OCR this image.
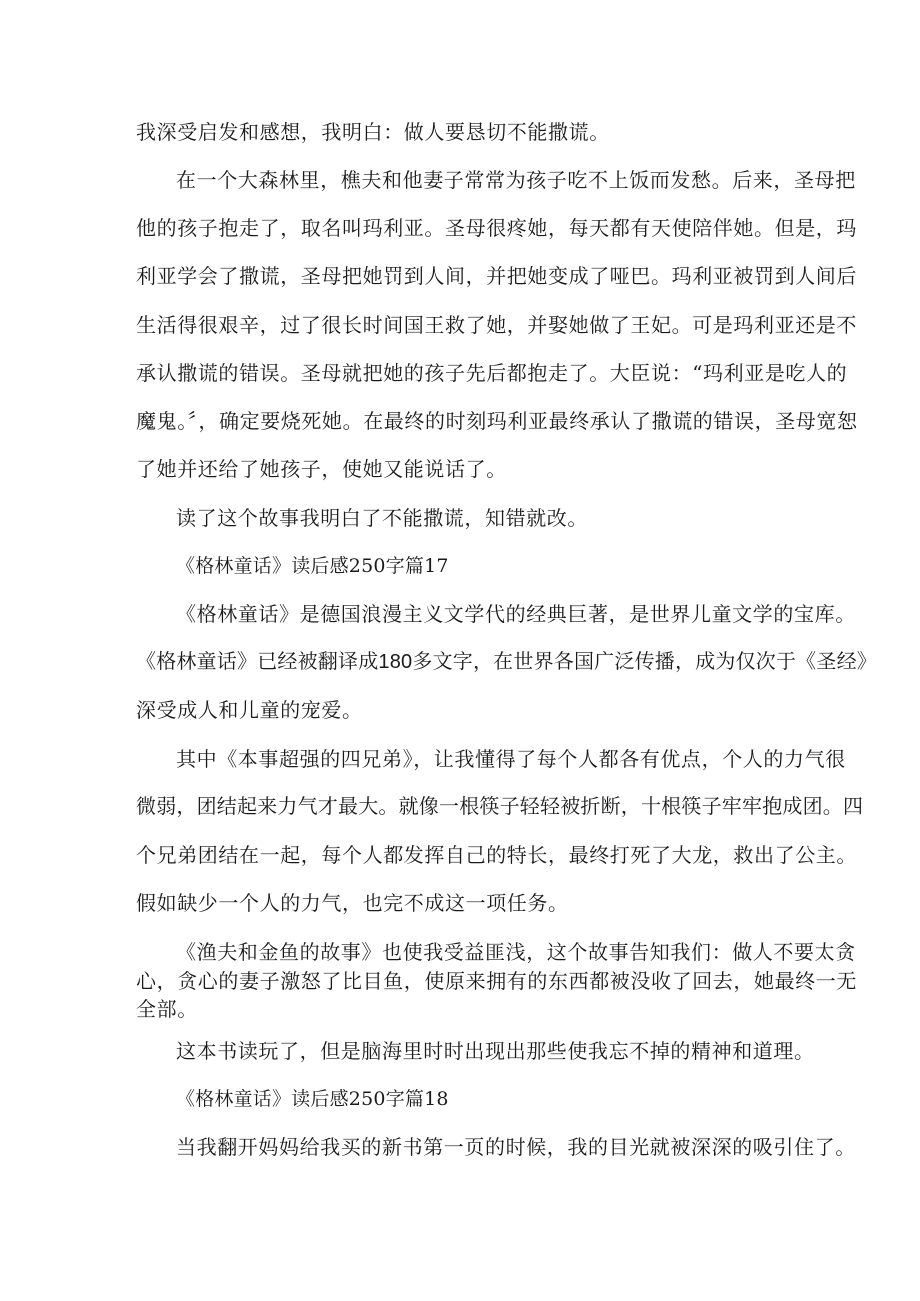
我深受启发和感想，我明白：做人要恳切不能撒谎。
在一个大森林里，樵夫和他妻子常常为孩子吃不上饭而发愁。后来，圣母把
他的孩子抱走了，取名叫玛利亚。圣母很疼她，每天都有天使陪伴她。但是，玛
利亚学会了撒谎，圣母把她罚到人间，并把她变成了哑巴。玛利亚被罚到人间后
生活得很艰辛，过了很长时间国王救了她，并娶她做了王妃。可是玛利亚还是不
承认撒谎的错误。圣母就把她的孩子先后都抱走了。大臣说：“玛利亚是吃人的
魔鬼。〞，确定要烧死她。在最终的时刻玛利亚最终承认了撒谎的错误，圣母宽恕
了她并还给了她孩子，使她又能说话了。
读了这个故事我明白了不能撒谎，知错就改。
《格林童话》读后感250字篇17
《格林童话》是德国浪漫主义文学代的经典巨著，是世界儿童文学的宝库。
《格林童话》已经被翻译成180多文字，在世界各国广泛传播，成为仅次于《圣经》
深受成人和儿童的宠爱。
其中《本事超强的四兄弟》，让我懂得了每个人都各有优点，个人的力气很
微弱，团结起来力气才最大。就像一根筷子轻轻被折断，十根筷子牢牢抱成团。四
个兄弟团结在一起，每个人都发挥自己的特长，最终打死了大龙，救出了公主。
假如缺少一个人的力气，也完不成这一项任务。
《渔夫和金鱼的故事》也使我受益匪浅，这个故事告知我们：做人不要太贪
心，贪心的妻子激怒了比目鱼，使原来拥有的东西都被没收了回去，她最终一无
全部。
这本书读玩了，但是脑海里时时出现出那些使我忘不掉的精神和道理。
《格林童话》读后感250字篇18
当我翻开妈妈给我买的新书第一页的时候，我的目光就被深深的吸引住了。
